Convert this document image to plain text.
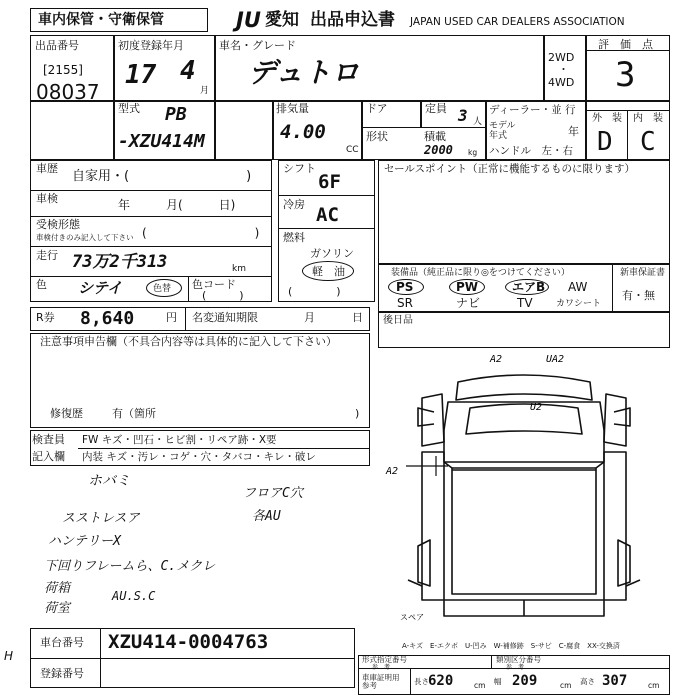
車内保管・守衛保管	JU 愛知 出品申込書 JAPAN USED CAR DEALERS ASSOCIATION
出品番号
[2155]
08037
初度登録年月
17 4
月
車名・グレード
デュトロ	2WD
・
4WD
評　価　点
3
型式 PB
-XZU414M
排気量
4.00
CC
ドア	定員 3 人
形状	積載
2000 kg
ディーラー・並 行
モデル
年式	年
ハンドル　左・右
外　装 内　装
D C
車歴
自家用・(　　　　　　　　　)
車検	年　　　月(　　　日)
受検形態
車検付きのみ記入して下さい (　　　　　　　　　)
走行 73万2千313	km
色 シテイ	色替 色コード
(　　　)
シフト
6F
冷房 AC
燃料
ガソリン
軽　油
(　　　　)
セールスポイント（正常に機能するものに限ります）
装備品（純正品に限り◎をつけてください）	新車保証書
有・無
PS	PW	エアB AW
SR	ナビ	TV	カワシート
R券 8,640	円 名変通知期限	月	日
注意事項申告欄（不具合内容等は具体的に記入して下さい）
修復歴	有（箇所	)
後日品
検査員
記入欄
FW キズ・凹石・ヒビ割・リペア跡・X要
内装 キズ・汚レ・コゲ・穴・タバコ・キレ・破レ
ホバミ
フロアC穴
スストレスア	各AU
ハンテリーX
下回りフレームら、C.メクレ
荷箱	AU.S.C
荷室
A2	UA2
U2
A2
スペア
A-キズ　E-エクボ　U-凹み　W-補修跡　S-サビ　C-腐食　XX-交換済
車台番号 XZU414-0004763
登録番号
H	形式指定番号
参　考
類別区分番号
参　考
車庫証明用
参考	長さ 620	cm 幅 209	cm 高さ 307	cm
